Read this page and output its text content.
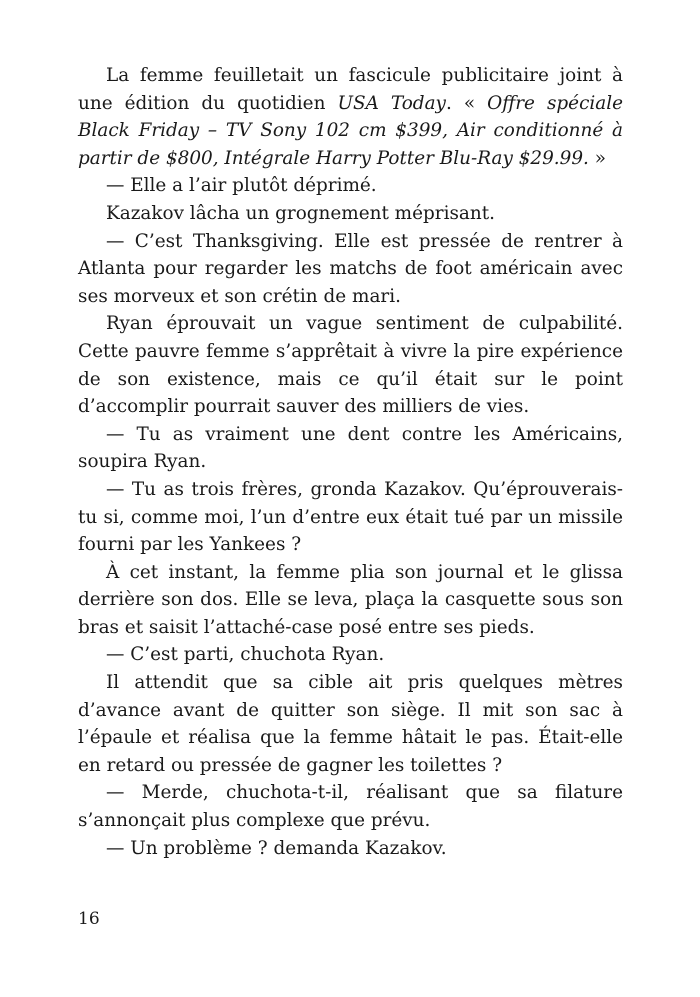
La femme feuilletait un fascicule publicitaire joint à une édition du quotidien USA Today. « Offre spéciale Black Friday – TV Sony 102 cm $399, Air conditionné à partir de $800, Intégrale Harry Potter Blu-Ray $29.99. »

— Elle a l’air plutôt déprimé.

Kazakov lâcha un grognement méprisant.

— C’est Thanksgiving. Elle est pressée de rentrer à Atlanta pour regarder les matchs de foot américain avec ses morveux et son crétin de mari.

Ryan éprouvait un vague sentiment de culpabilité. Cette pauvre femme s’apprêtait à vivre la pire expérience de son existence, mais ce qu’il était sur le point d’accomplir pourrait sauver des milliers de vies.

— Tu as vraiment une dent contre les Américains, soupira Ryan.

— Tu as trois frères, gronda Kazakov. Qu’éprouverais-tu si, comme moi, l’un d’entre eux était tué par un missile fourni par les Yankees ?

À cet instant, la femme plia son journal et le glissa derrière son dos. Elle se leva, plaça la casquette sous son bras et saisit l’attaché-case posé entre ses pieds.

— C’est parti, chuchota Ryan.

Il attendit que sa cible ait pris quelques mètres d’avance avant de quitter son siège. Il mit son sac à l’épaule et réalisa que la femme hâtait le pas. Était-elle en retard ou pressée de gagner les toilettes ?

— Merde, chuchota-t-il, réalisant que sa filature s’annonçait plus complexe que prévu.

— Un problème ? demanda Kazakov.

16
